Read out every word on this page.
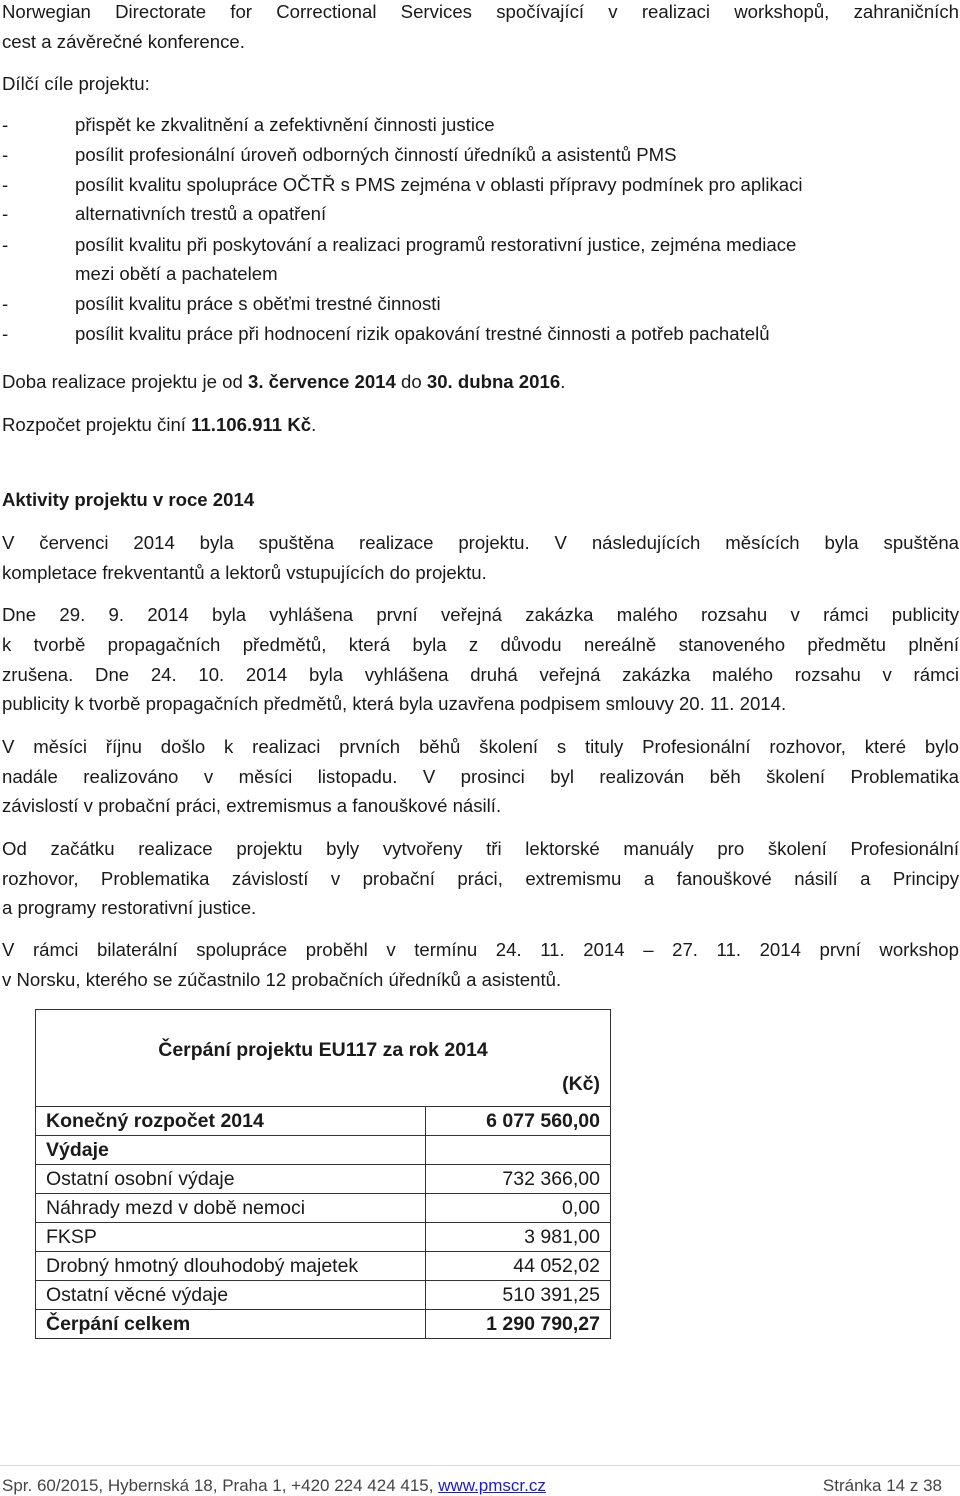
Norwegian Directorate for Correctional Services spočívající v realizaci workshopů, zahraničních
cest a závěrečné konference.
Dílčí cíle projektu:
-	přispět ke zkvalitnění a zefektivnění činnosti justice
-	posílit profesionální úroveň odborných činností úředníků a asistentů PMS
-	posílit kvalitu spolupráce OČTŘ s PMS zejména v oblasti přípravy podmínek pro aplikaci
-	alternativních trestů a opatření
-	posílit kvalitu při poskytování a realizaci programů restorativní justice, zejména mediace
mezi obětí a pachatelem
-	posílit kvalitu práce s oběťmi trestné činnosti
-	posílit kvalitu práce při hodnocení rizik opakování trestné činnosti a potřeb pachatelů
Doba realizace projektu je od 3. července 2014 do 30. dubna 2016.
Rozpočet projektu činí 11.106.911 Kč.
Aktivity projektu v roce 2014
V červenci 2014 byla spuštěna realizace projektu. V následujících měsících byla spuštěna
kompletace frekventantů a lektorů vstupujících do projektu.
Dne 29. 9. 2014 byla vyhlášena první veřejná zakázka malého rozsahu v rámci publicity
k tvorbě propagačních předmětů, která byla z důvodu nereálně stanoveného předmětu plnění
zrušena. Dne 24. 10. 2014 byla vyhlášena druhá veřejná zakázka malého rozsahu v rámci
publicity k tvorbě propagačních předmětů, která byla uzavřena podpisem smlouvy 20. 11. 2014.
V měsíci říjnu došlo k realizaci prvních běhů školení s tituly Profesionální rozhovor, které bylo
nadále realizováno v měsíci listopadu. V prosinci byl realizován běh školení Problematika
závislostí v probační práci, extremismus a fanouškové násilí.
Od začátku realizace projektu byly vytvořeny tři lektorské manuály pro školení Profesionální
rozhovor, Problematika závislostí v probační práci, extremismu a fanouškové násilí a Principy
a programy restorativní justice.
V rámci bilaterální spolupráce proběhl v termínu 24. 11. 2014 – 27. 11. 2014 první workshop
v Norsku, kterého se zúčastnilo 12 probačních úředníků a asistentů.
Čerpání projektu EU117 za rok 2014
(Kč)	

Konečný rozpočet 2014	6 077 560,00
Výdaje	
Ostatní osobní výdaje	732 366,00
Náhrady mezd v době nemoci	0,00
FKSP	3 981,00
Drobný hmotný dlouhodobý majetek	44 052,02
Ostatní věcné výdaje	510 391,25
Čerpání celkem	1 290 790,27
Spr. 60/2015, Hybernská 18, Praha 1, +420 224 424 415, www.pmscr.cz	Stránka 14 z 38
